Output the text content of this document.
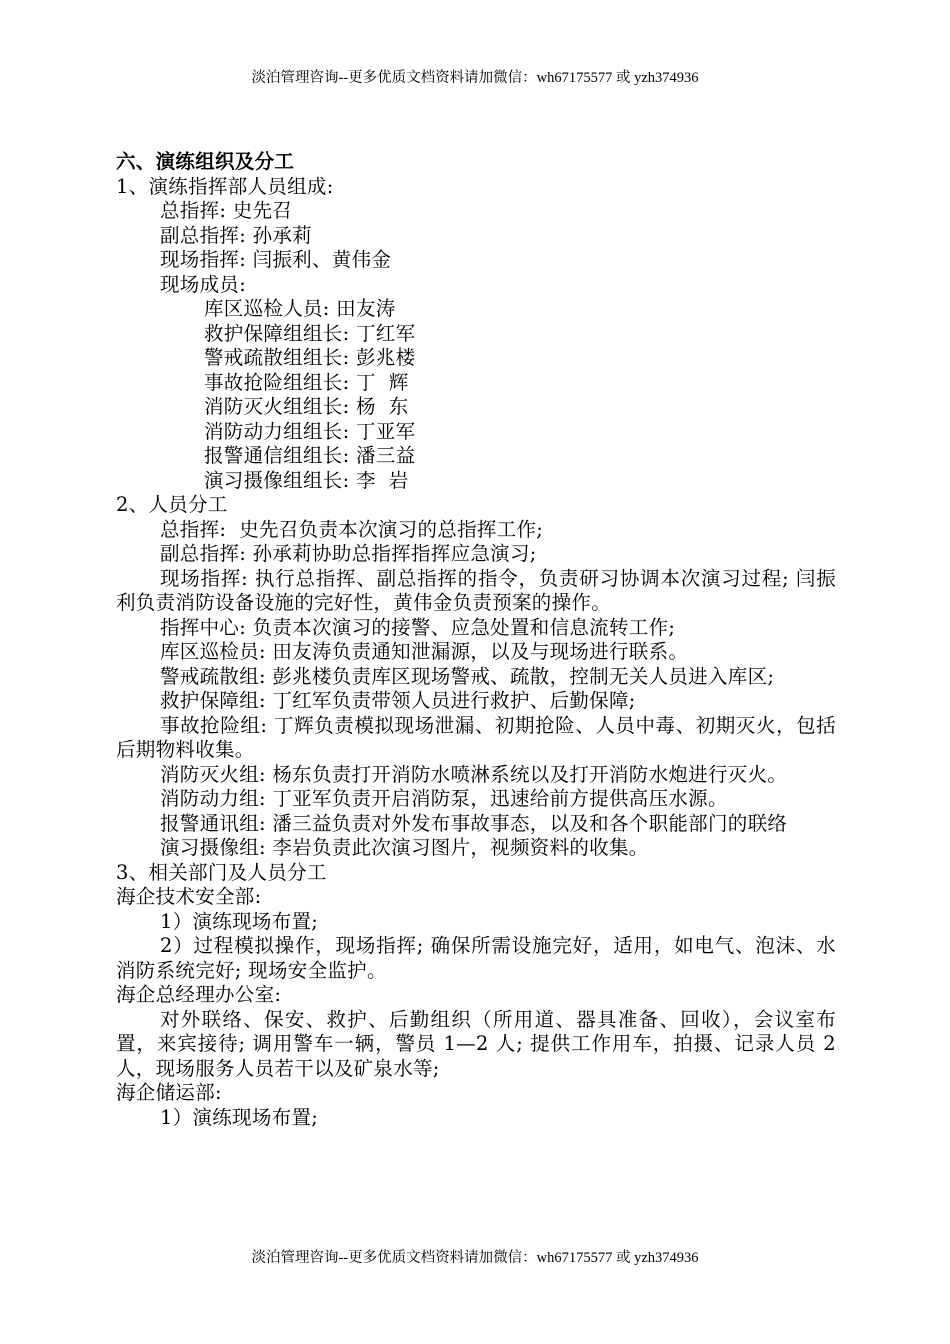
淡泊管理咨询--更多优质文档资料请加微信：wh67175577 或 yzh374936
六、演练组织及分工
1、演练指挥部人员组成:
总指挥: 史先召
副总指挥: 孙承莉
现场指挥: 闫振利、黄伟金
现场成员:
库区巡检人员: 田友涛
救护保障组组长: 丁红军
警戒疏散组组长: 彭兆楼
事故抢险组组长: 丁  辉
消防灭火组组长: 杨  东
消防动力组组长: 丁亚军
报警通信组组长: 潘三益
演习摄像组组长: 李  岩
2、人员分工
总指挥:  史先召负责本次演习的总指挥工作;
副总指挥: 孙承莉协助总指挥指挥应急演习;
现场指挥: 执行总指挥、副总指挥的指令，负责研习协调本次演习过程; 闫振利负责消防设备设施的完好性，黄伟金负责预案的操作。
指挥中心: 负责本次演习的接警、应急处置和信息流转工作;
库区巡检员: 田友涛负责通知泄漏源，以及与现场进行联系。
警戒疏散组: 彭兆楼负责库区现场警戒、疏散，控制无关人员进入库区;
救护保障组: 丁红军负责带领人员进行救护、后勤保障;
事故抢险组: 丁辉负责模拟现场泄漏、初期抢险、人员中毒、初期灭火，包括后期物料收集。
消防灭火组: 杨东负责打开消防水喷淋系统以及打开消防水炮进行灭火。
消防动力组: 丁亚军负责开启消防泵，迅速给前方提供高压水源。
报警通讯组: 潘三益负责对外发布事故事态，以及和各个职能部门的联络
演习摄像组: 李岩负责此次演习图片，视频资料的收集。
3、相关部门及人员分工
海企技术安全部:
1）演练现场布置;
2）过程模拟操作，现场指挥; 确保所需设施完好，适用，如电气、泡沫、水消防系统完好; 现场安全监护。
海企总经理办公室:
对外联络、保安、救护、后勤组织（所用道、器具准备、回收），会议室布置，来宾接待; 调用警车一辆，警员 1—2 人; 提供工作用车，拍摄、记录人员 2 人，现场服务人员若干以及矿泉水等;
海企储运部:
1）演练现场布置;
淡泊管理咨询--更多优质文档资料请加微信：wh67175577 或 yzh374936
